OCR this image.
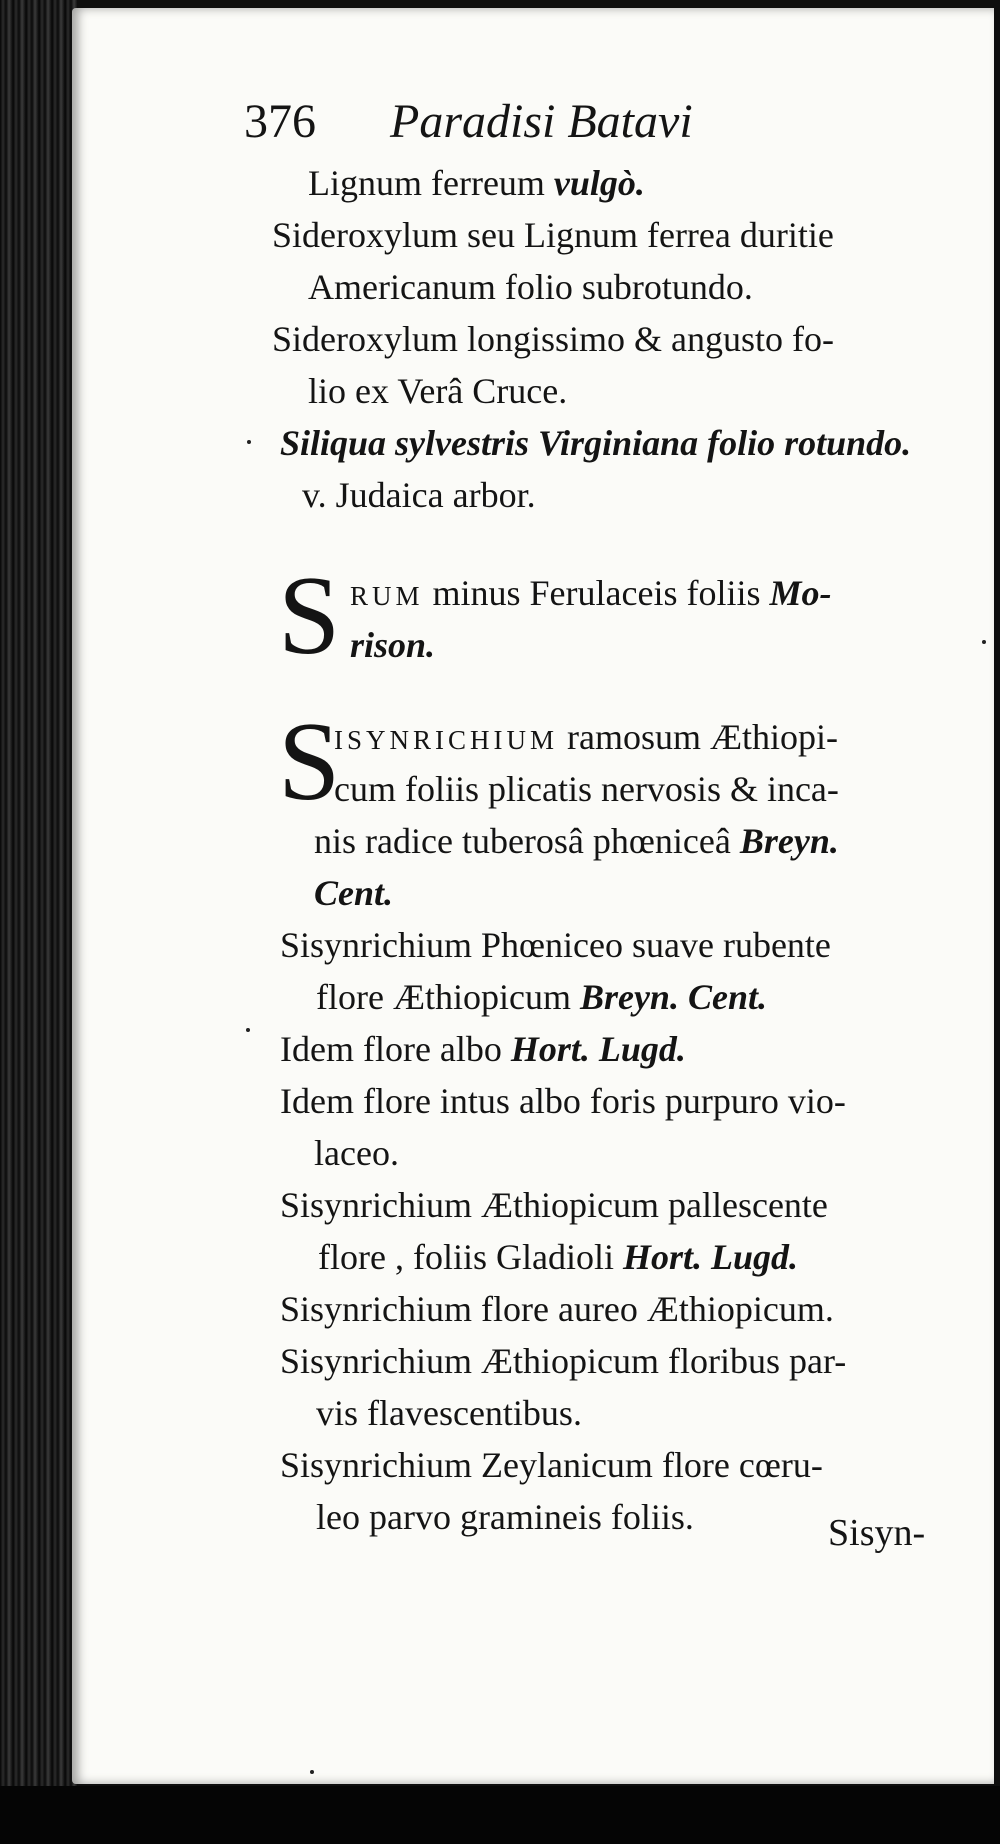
376 Paradisi Batavi
Lignum ferreum vulgò.
Sideroxylum seu Lignum ferrea duritie
Americanum folio subrotundo.
Sideroxylum longissimo & angusto fo-
lio ex Verâ Cruce.
Siliqua sylvestris Virginiana folio rotundo.
v. Judaica arbor.
S RUM minus Ferulaceis foliis Mo-
rison.
S
ISYNRICHIUM ramosum Æthiopi-
cum foliis plicatis nervosis & inca-
nis radice tuberosâ phœniceâ Breyn.
Cent.
Sisynrichium Phœniceo suave rubente
flore Æthiopicum Breyn. Cent.
Idem flore albo Hort. Lugd.
Idem flore intus albo foris purpuro vio-
laceo.
Sisynrichium Æthiopicum pallescente
flore , foliis Gladioli Hort. Lugd.
Sisynrichium flore aureo Æthiopicum.
Sisynrichium Æthiopicum floribus par-
vis flavescentibus.
Sisynrichium Zeylanicum flore cœru-
leo parvo gramineis foliis.	Sisyn-
